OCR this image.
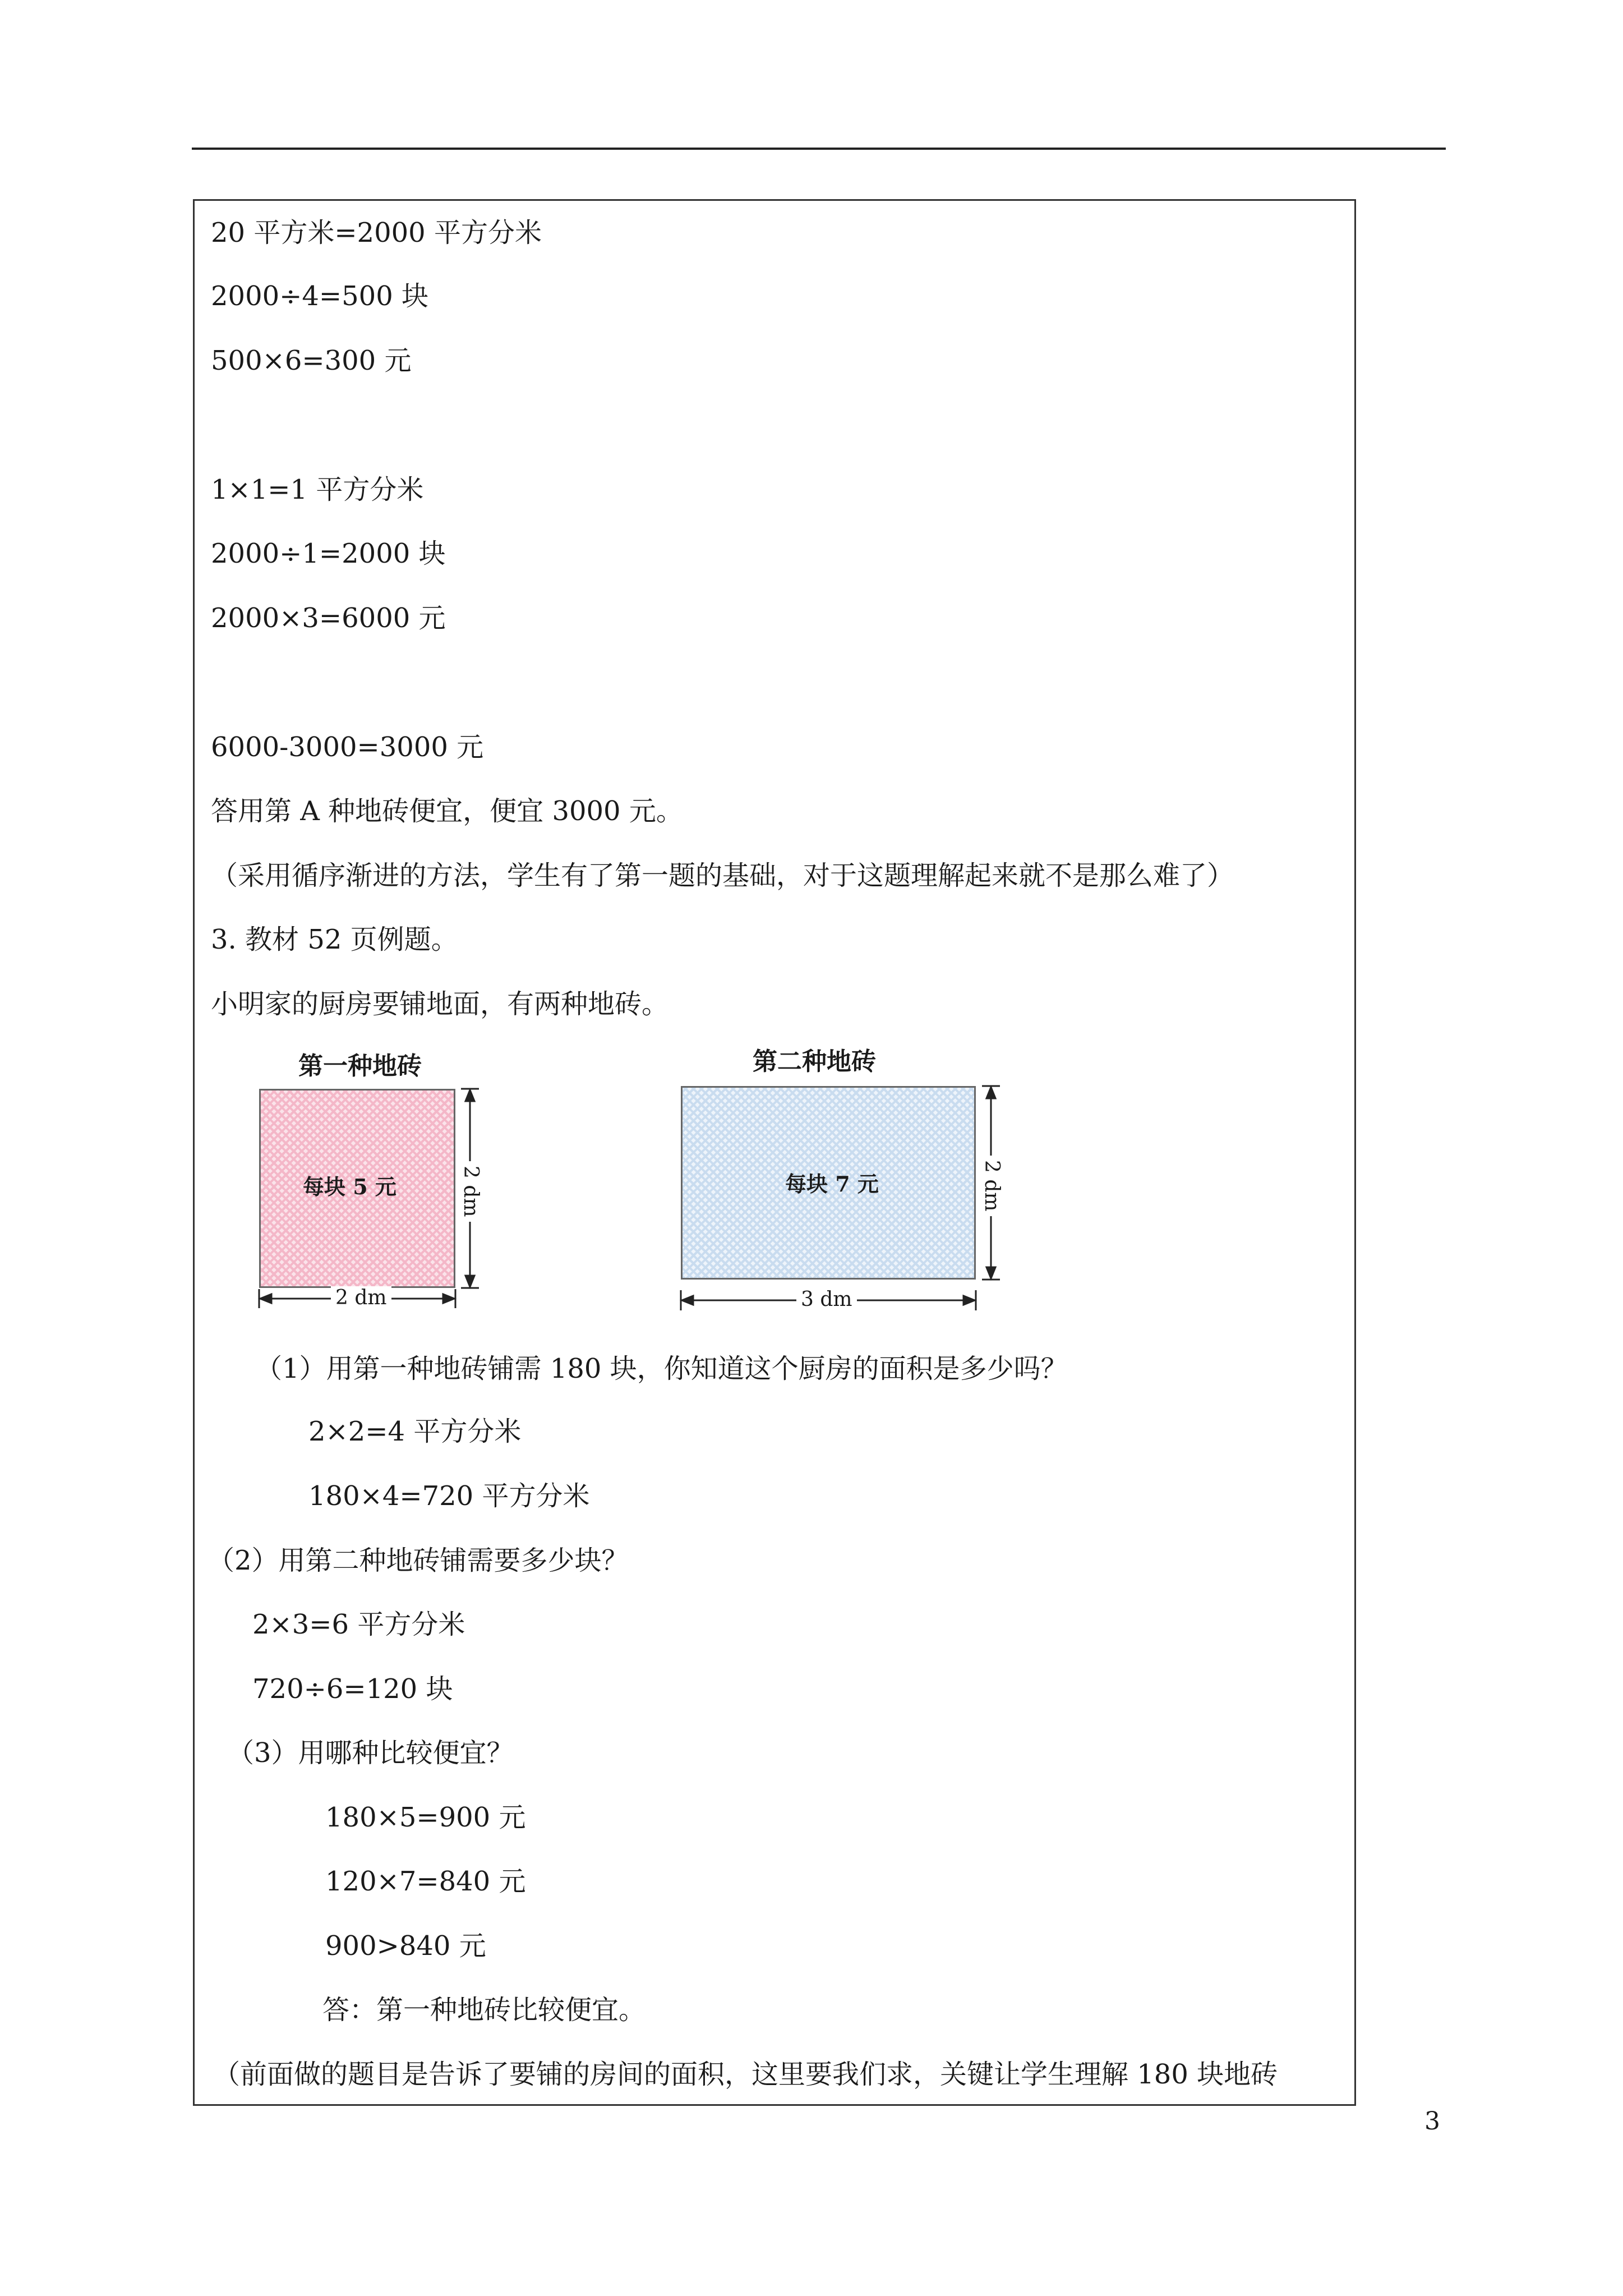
20 平方米=2000 平方分米
2000÷4=500 块
500×6=300 元
1×1=1 平方分米
2000÷1=2000 块
2000×3=6000 元
6000-3000=3000 元
答用第 A 种地砖便宜，便宜 3000 元。
（采用循序渐进的方法，学生有了第一题的基础，对于这题理解起来就不是那么难了）
3. 教材 52 页例题。
小明家的厨房要铺地面，有两种地砖。
第一种地砖	第二种地砖
每块 5 元	每块 7 元
2 dm
2 dm
3 dm
2 dm
（1）用第一种地砖铺需 180 块，你知道这个厨房的面积是多少吗？
2×2=4 平方分米
180×4=720 平方分米
（2）用第二种地砖铺需要多少块？
2×3=6 平方分米
720÷6=120 块
（3）用哪种比较便宜？
180×5=900 元
120×7=840 元
900>840 元
答：第一种地砖比较便宜。
（前面做的题目是告诉了要铺的房间的面积，这里要我们求，关键让学生理解 180 块地砖
3
